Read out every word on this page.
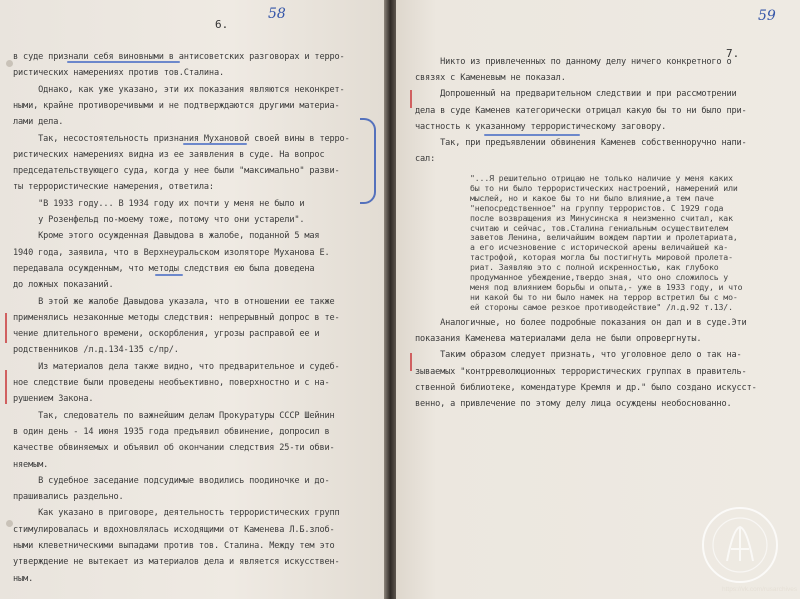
6.
58
7.
59

в суде признали себя виновными в антисоветских разговорах и терро-

ристических намерениях против тов.Сталина.

Однако, как уже указано, эти их показания являются неконкрет-

ными, крайне противоречивыми и не подтверждаются другими материа-

лами дела.

Так, несостоятельность признания Мухановой своей вины в терро-

ристических намерениях видна из ее заявления в суде. На вопрос

председательствующего суда, когда у нее были "максимально" разви-

ты террористические намерения, ответила:

"В 1933 году... В 1934 году их почти у меня не было и

у Розенфельд по-моему тоже, потому что они устарели".

Кроме этого осужденная Давыдова в жалобе, поданной 5 мая

1940 года, заявила, что в Верхнеуральском изоляторе Муханова Е.

передавала осужденным, что методы следствия ею была доведена

до ложных показаний.

В этой же жалобе Давыдова указала, что в отношении ее также

применялись незаконные методы следствия: непрерывный допрос в те-

чение длительного времени, оскорбления, угрозы расправой ее и

родственников /л.д.134-135 с/пр/.

Из материалов дела также видно, что предварительное и судеб-

ное следствие были проведены необъективно, поверхностно и с на-

рушением Закона.

Так, следователь по важнейшим делам Прокуратуры СССР Шейнин

в один день - 14 июня 1935 года предъявил обвинение, допросил в

качестве обвиняемых и объявил об окончании следствия 25-ти обви-

няемым.

В судебное заседание подсудимые вводились поодиночке и до-

прашивались раздельно.

Как указано в приговоре, деятельность террористических групп

стимулировалась и вдохновлялась исходящими от Каменева Л.Б.злоб-

ными клеветническими выпадами против тов. Сталина. Между тем это

утверждение не вытекает из материалов дела и является искусствен-

ным.

Никто из привлеченных по данному делу ничего конкретного о

связях с Каменевым не показал.

Допрошенный на предварительном следствии и при рассмотрении

дела в суде Каменев категорически отрицал какую бы то ни было при-

частность к указанному террористическому заговору.

Так, при предъявлении обвинения Каменев собственноручно напи-

сал:

"...Я решительно отрицаю не только наличие у меня каких

бы то ни было террористических настроений, намерений или

мыслей, но и какое бы то ни было влияние,а тем паче

"непосредственное" на группу террористов. С 1929 года

после возвращения из Минусинска я неизменно считал, как

считаю и сейчас, тов.Сталина гениальным осуществителем

заветов Ленина, величайшим вождем партии и пролетариата,

а его исчезновение с исторической арены величайшей ка-

тастрофой, которая могла бы постигнуть мировой пролета-

риат. Заявляю это с полной искренностью, как глубоко

продуманное убеждение,твердо зная, что оно сложилось у

меня под влиянием борьбы и опыта,- уже в 1933 году, и что

ни какой бы то ни было намек на террор встретил бы с мо-

ей стороны самое резкое противодействие" /л.д.92 т.13/.

Аналогичные, но более подробные показания он дал и в суде.Эти

показания Каменева материалами дела не были опровергнуты.

Таким образом следует признать, что уголовное дело о так на-

зываемых "контрреволюционных террористических группах в правитель-

ственной библиотеке, комендатуре Кремля и др." было создано искусст-

венно, а привлечение по этому делу лица осуждены необоснованно.

https://vk.com/rusarchives
